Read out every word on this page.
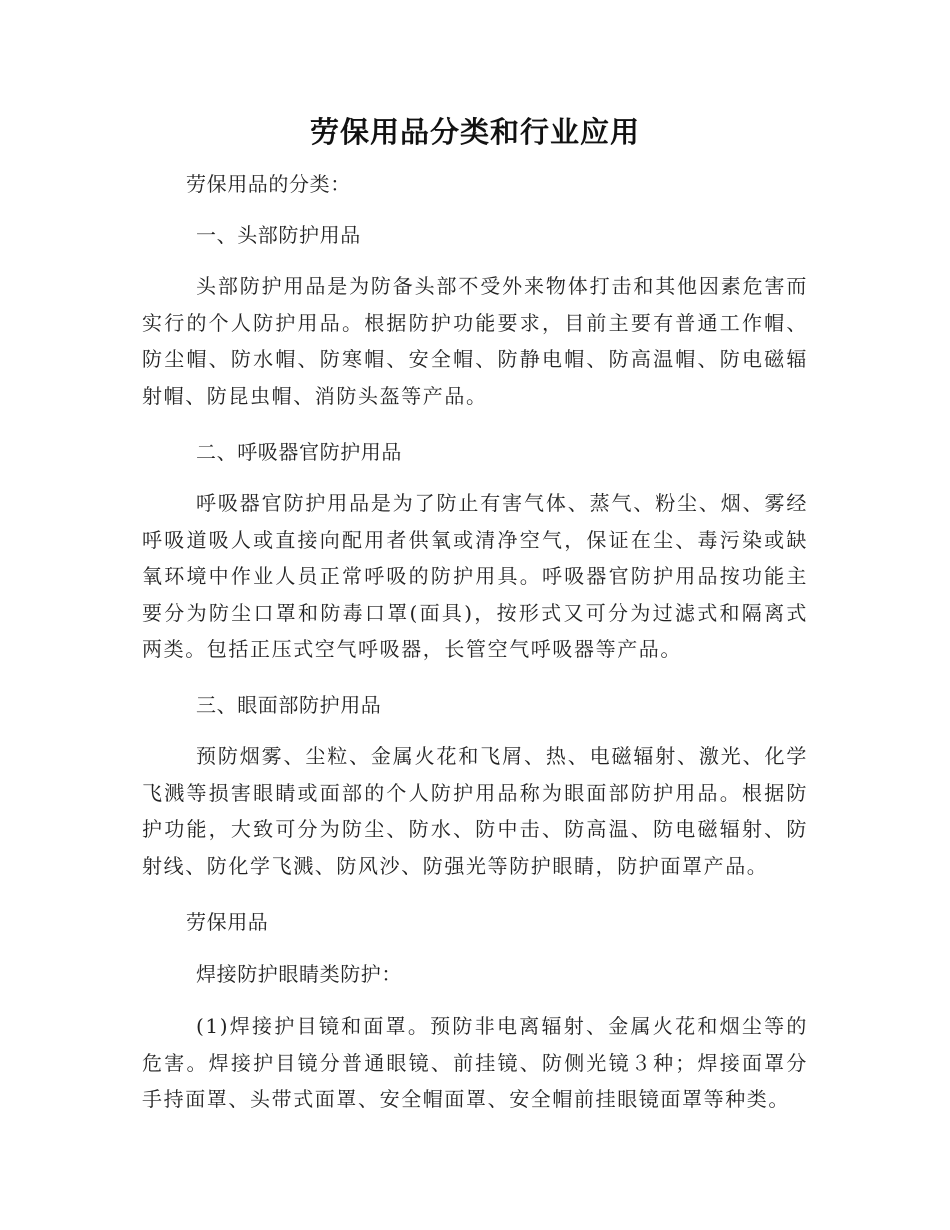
劳保用品分类和行业应用
劳保用品的分类：
一、头部防护用品
头部防护用品是为防备头部不受外来物体打击和其他因素危害而实行的个人防护用品。根据防护功能要求，目前主要有普通工作帽、防尘帽、防水帽、防寒帽、安全帽、防静电帽、防高温帽、防电磁辐射帽、防昆虫帽、消防头盔等产品。
二、呼吸器官防护用品
呼吸器官防护用品是为了防止有害气体、蒸气、粉尘、烟、雾经呼吸道吸人或直接向配用者供氧或清净空气，保证在尘、毒污染或缺氧环境中作业人员正常呼吸的防护用具。呼吸器官防护用品按功能主要分为防尘口罩和防毒口罩(面具)，按形式又可分为过滤式和隔离式两类。包括正压式空气呼吸器，长管空气呼吸器等产品。
三、眼面部防护用品
预防烟雾、尘粒、金属火花和飞屑、热、电磁辐射、激光、化学飞溅等损害眼睛或面部的个人防护用品称为眼面部防护用品。根据防护功能，大致可分为防尘、防水、防中击、防高温、防电磁辐射、防射线、防化学飞溅、防风沙、防强光等防护眼睛，防护面罩产品。
劳保用品
焊接防护眼睛类防护：
(1)焊接护目镜和面罩。预防非电离辐射、金属火花和烟尘等的危害。焊接护目镜分普通眼镜、前挂镜、防侧光镜３种；焊接面罩分手持面罩、头带式面罩、安全帽面罩、安全帽前挂眼镜面罩等种类。
